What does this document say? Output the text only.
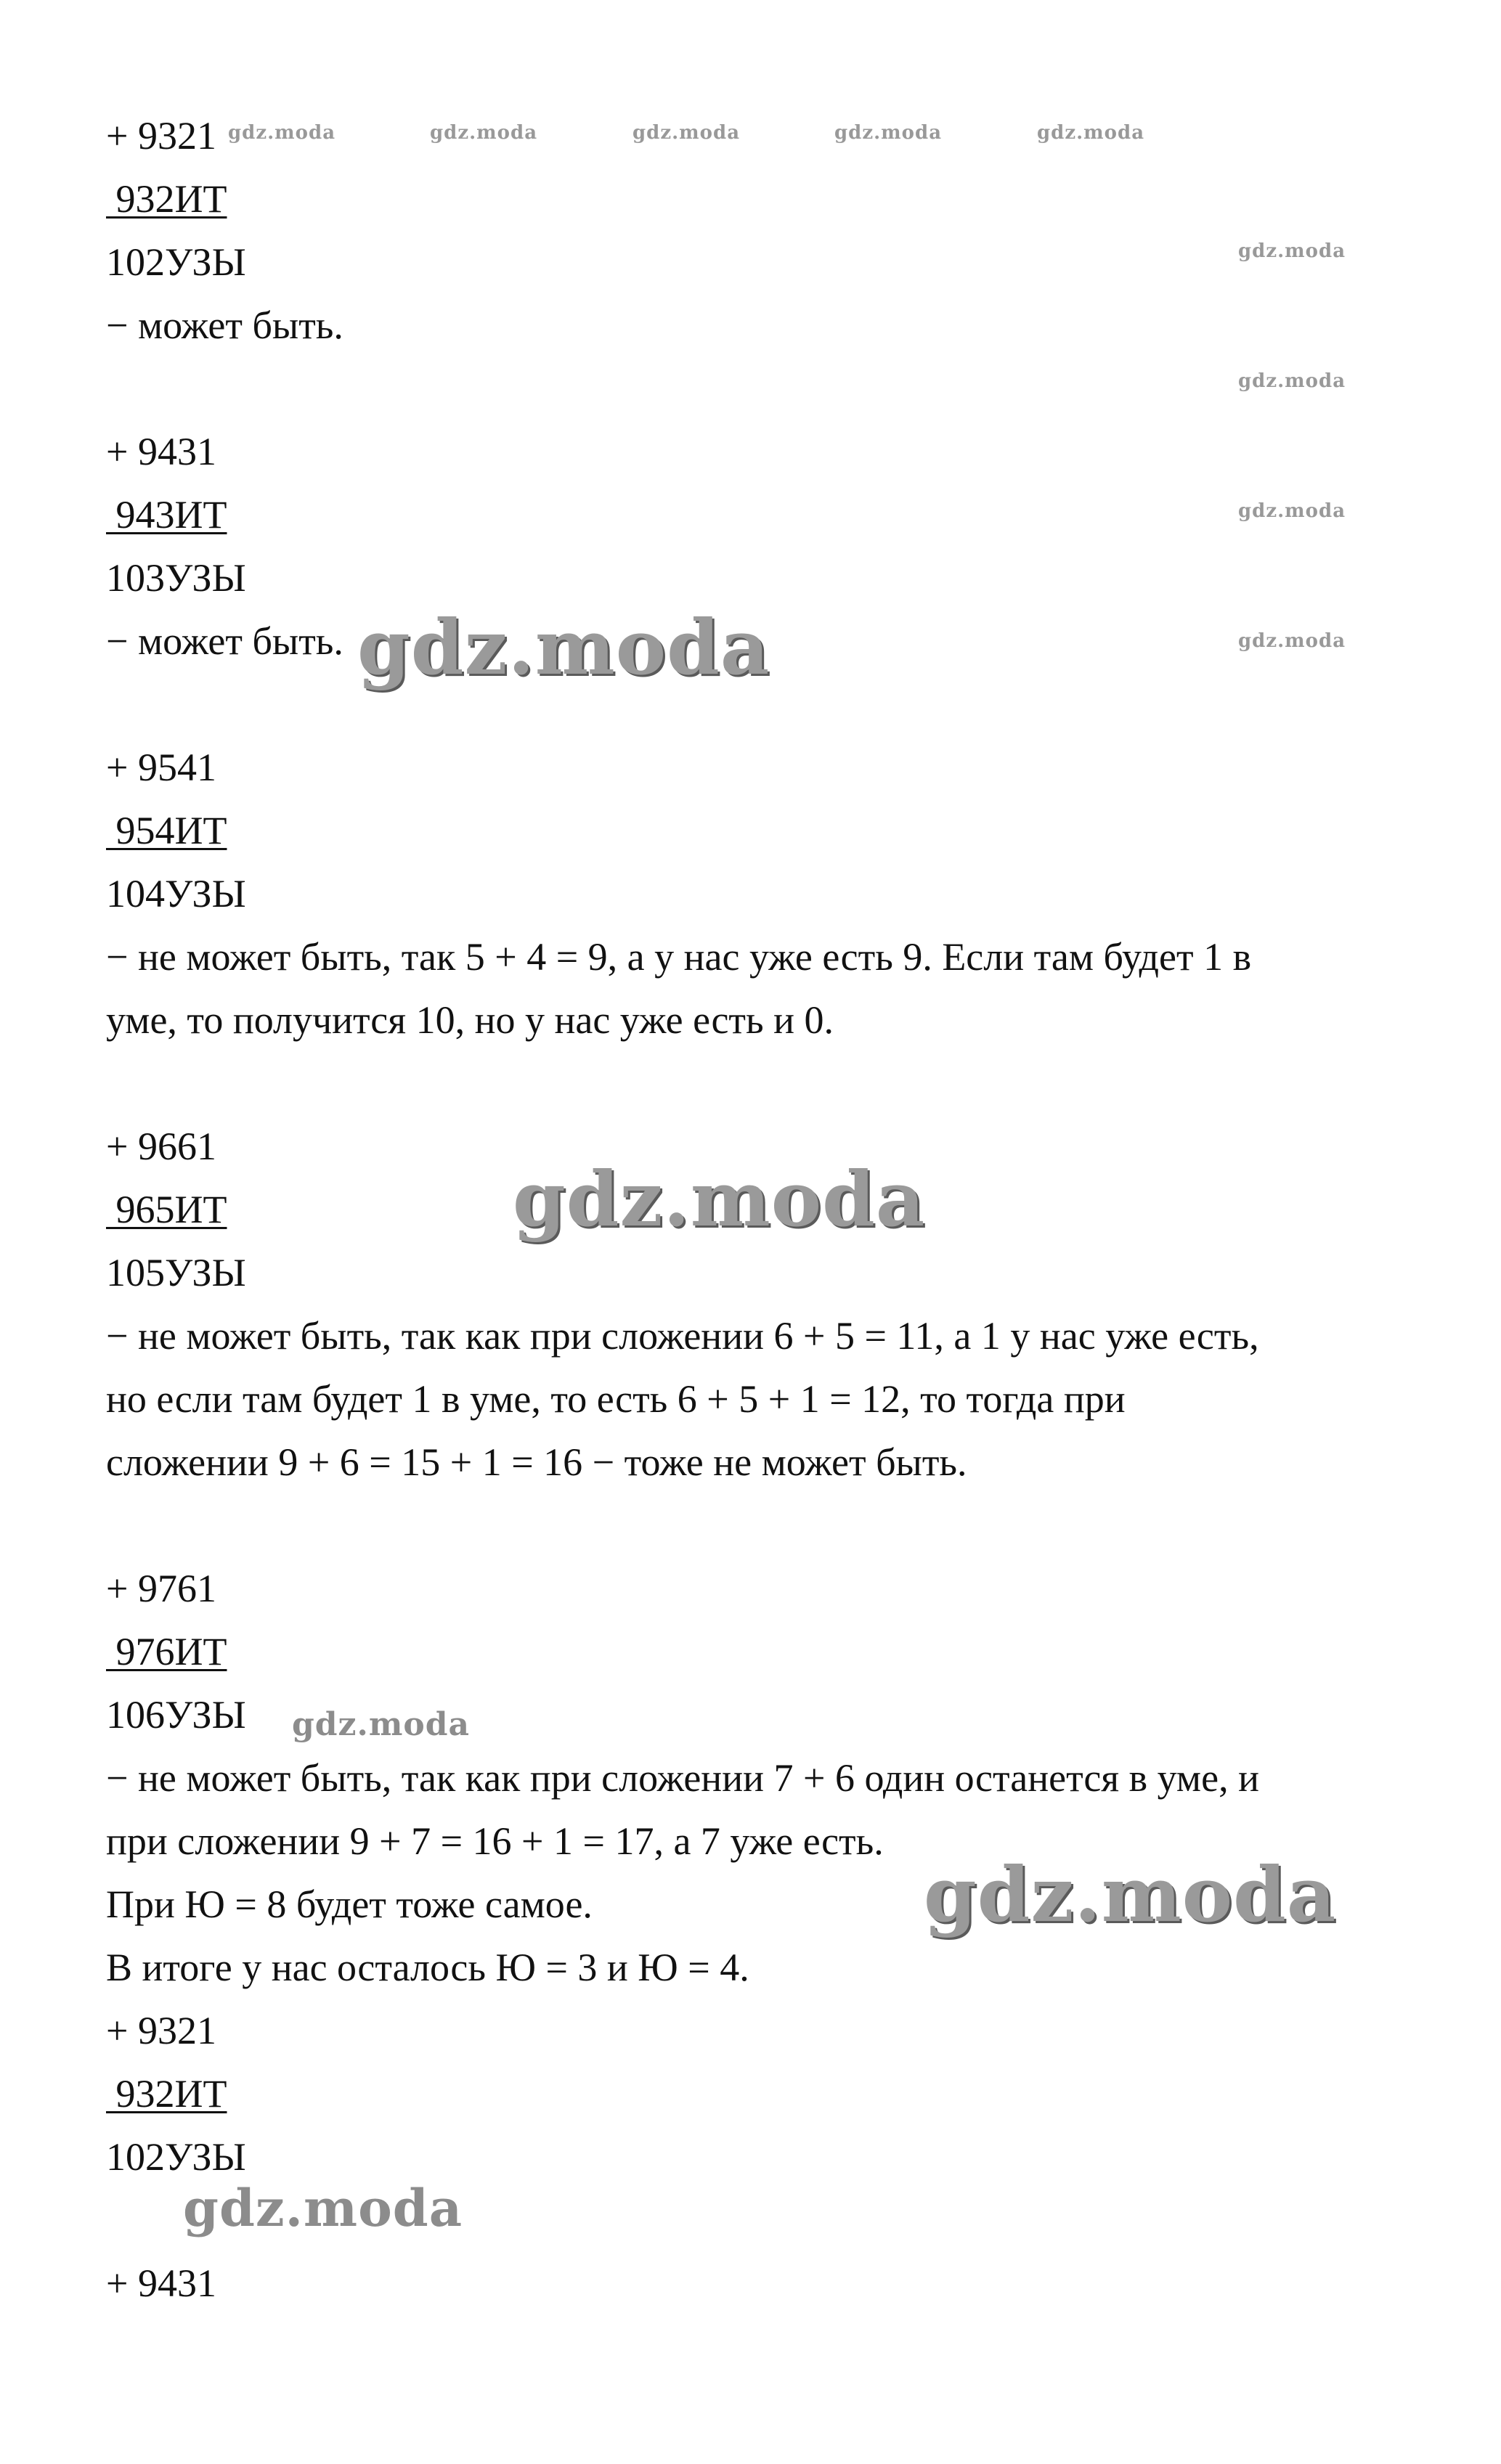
+ 9321
932ИТ
102УЗЫ
− может быть.
+ 9431
943ИТ
103УЗЫ
− может быть.
+ 9541
954ИТ
104УЗЫ
− не может быть, так 5 + 4 = 9, а у нас уже есть 9. Если там будет 1 в
уме, то получится 10, но у нас уже есть и 0.
+ 9661
965ИТ
105УЗЫ
− не может быть, так как при сложении 6 + 5 = 11, а 1 у нас уже есть,
но если там будет 1 в уме, то есть 6 + 5 + 1 = 12, то тогда при
сложении 9 + 6 = 15 + 1 = 16 − тоже не может быть.
+ 9761
976ИТ
106УЗЫ
− не может быть, так как при сложении 7 + 6 один останется в уме, и
при сложении 9 + 7 = 16 + 1 = 17, а 7 уже есть.
При Ю = 8 будет тоже самое.
В итоге у нас осталось Ю = 3 и Ю = 4.
+ 9321
932ИТ
102УЗЫ
+ 9431
gdz.moda	gdz.moda	gdz.moda	gdz.moda	gdz.moda
gdz.moda
gdz.moda
gdz.moda
gdz.moda
gdz.moda
gdz.moda
gdz.moda
gdz.moda
gdz.moda
